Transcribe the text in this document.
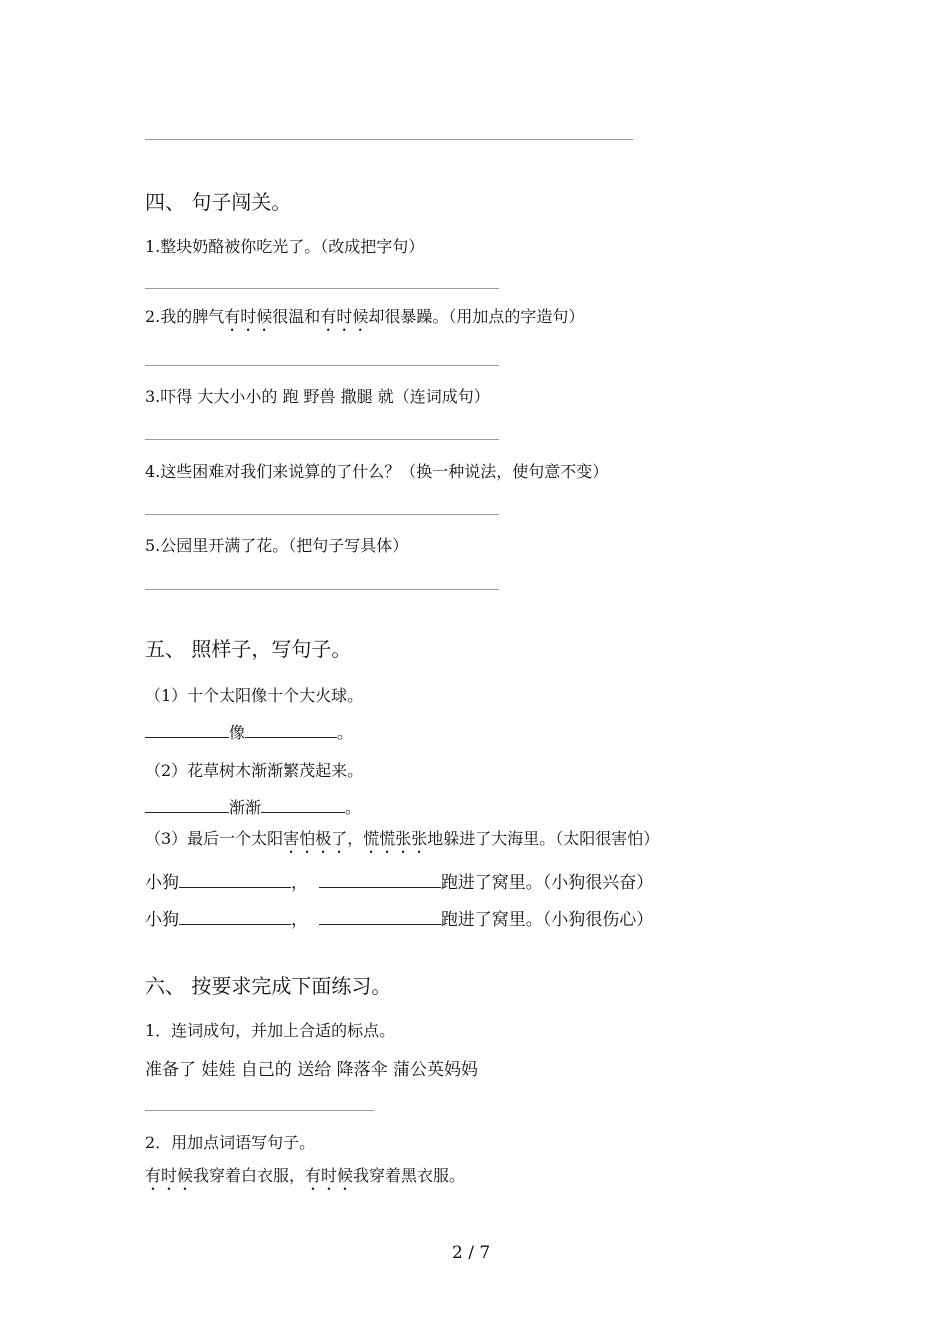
四、 句子闯关。
1.整块奶酪被你吃光了。（改成把字句）
2.我的脾气有时候很温和有时候却很暴躁。（用加点的字造句）
3.吓得 大大小小的 跑 野兽 撒腿 就（连词成句）
4.这些困难对我们来说算的了什么？（换一种说法，使句意不变）
5.公园里开满了花。（把句子写具体）
五、 照样子，写句子。
（1）十个太阳像十个大火球。
像	。
（2）花草树木渐渐繁茂起来。
渐渐	。
（3）最后一个太阳害怕极了，慌慌张张地躲进了大海里。（太阳很害怕）
小狗	，	跑进了窝里。（小狗很兴奋）
小狗	，	跑进了窝里。（小狗很伤心）
六、 按要求完成下面练习。
1．连词成句，并加上合适的标点。
准备了 娃娃 自己的 送给 降落伞 蒲公英妈妈
2．用加点词语写句子。
有时候我穿着白衣服，有时候我穿着黑衣服。
2 / 7
